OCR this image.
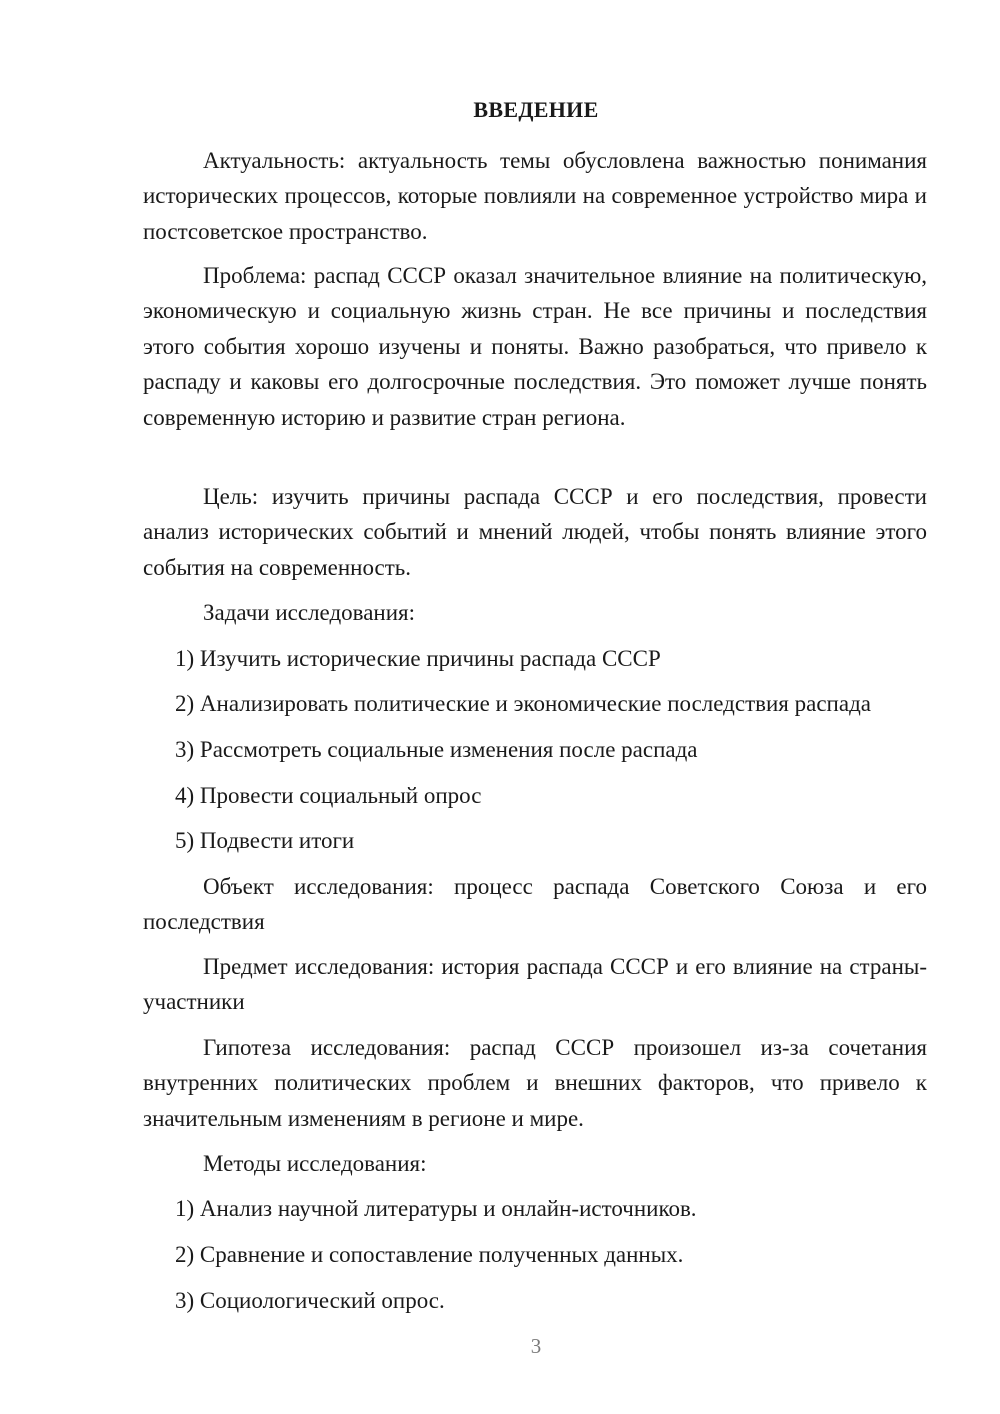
ВВЕДЕНИЕ

Актуальность: актуальность темы обусловлена важностью понимания исторических процессов, которые повлияли на современное устройство мира и постсоветское пространство.

Проблема: распад СССР оказал значительное влияние на политическую, экономическую и социальную жизнь стран. Не все причины и последствия этого события хорошо изучены и поняты. Важно разобраться, что привело к распаду и каковы его долгосрочные последствия. Это поможет лучше понять современную историю и развитие стран региона.

Цель: изучить причины распада СССР и его последствия, провести анализ исторических событий и мнений людей, чтобы понять влияние этого события на современность.

Задачи исследования:

1) Изучить исторические причины распада СССР

2) Анализировать политические и экономические последствия распада

3) Рассмотреть социальные изменения после распада

4) Провести социальный опрос

5) Подвести итоги

Объект исследования: процесс распада Советского Союза и его последствия

Предмет исследования: история распада СССР и его влияние на страны-участники

Гипотеза исследования: распад СССР произошел из-за сочетания внутренних политических проблем и внешних факторов, что привело к значительным изменениям в регионе и мире.

Методы исследования:

1) Анализ научной литературы и онлайн-источников.

2) Сравнение и сопоставление полученных данных.

3) Социологический опрос.

3
